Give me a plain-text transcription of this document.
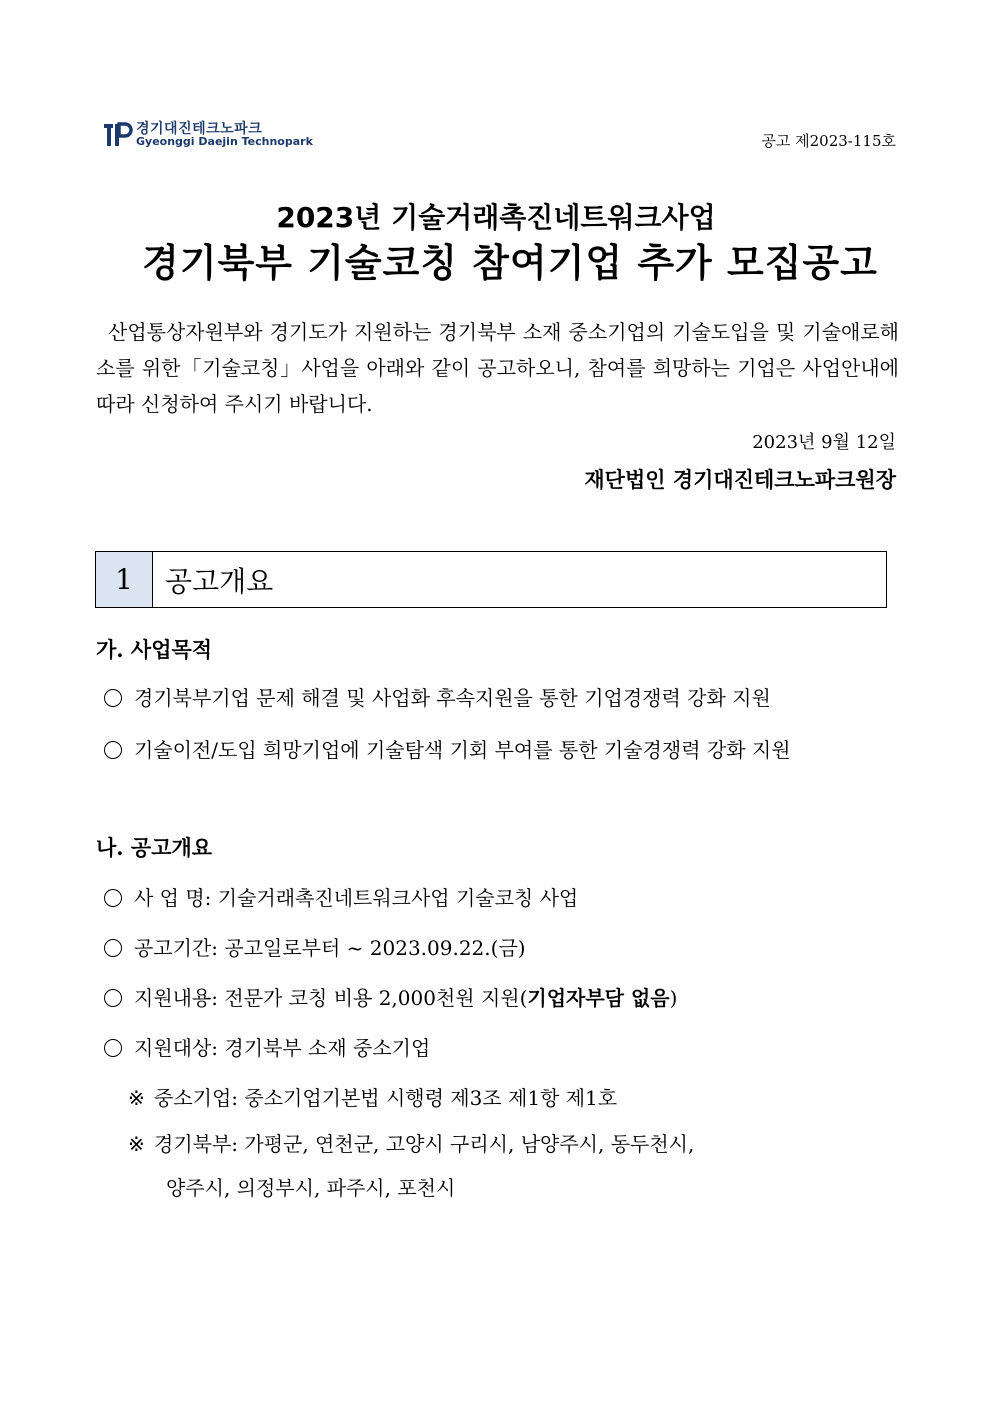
경기대진테크노파크
Gyeonggi Daejin Technopark	공고 제2023-115호
2023년 기술거래촉진네트워크사업
경기북부 기술코칭 참여기업 추가 모집공고

산업통상자원부와 경기도가 지원하는 경기북부 소재 중소기업의 기술도입을 및 기술애로해소를 위한「기술코칭」사업을 아래와 같이 공고하오니, 참여를 희망하는 기업은 사업안내에 따라 신청하여 주시기 바랍니다.

2023년 9월 12일
재단법인 경기대진테크노파크원장
1	공고개요
가. 사업목적
경기북부기업 문제 해결 및 사업화 후속지원을 통한 기업경쟁력 강화 지원
기술이전/도입 희망기업에 기술탐색 기회 부여를 통한 기술경쟁력 강화 지원
나. 공고개요
사 업 명: 기술거래촉진네트워크사업 기술코칭 사업
공고기간: 공고일로부터 ~ 2023.09.22.(금)
지원내용: 전문가 코칭 비용 2,000천원 지원(기업자부담 없음)
지원대상: 경기북부 소재 중소기업
※ 중소기업: 중소기업기본법 시행령 제3조 제1항 제1호
※ 경기북부: 가평군, 연천군, 고양시 구리시, 남양주시, 동두천시,
양주시, 의정부시, 파주시, 포천시
